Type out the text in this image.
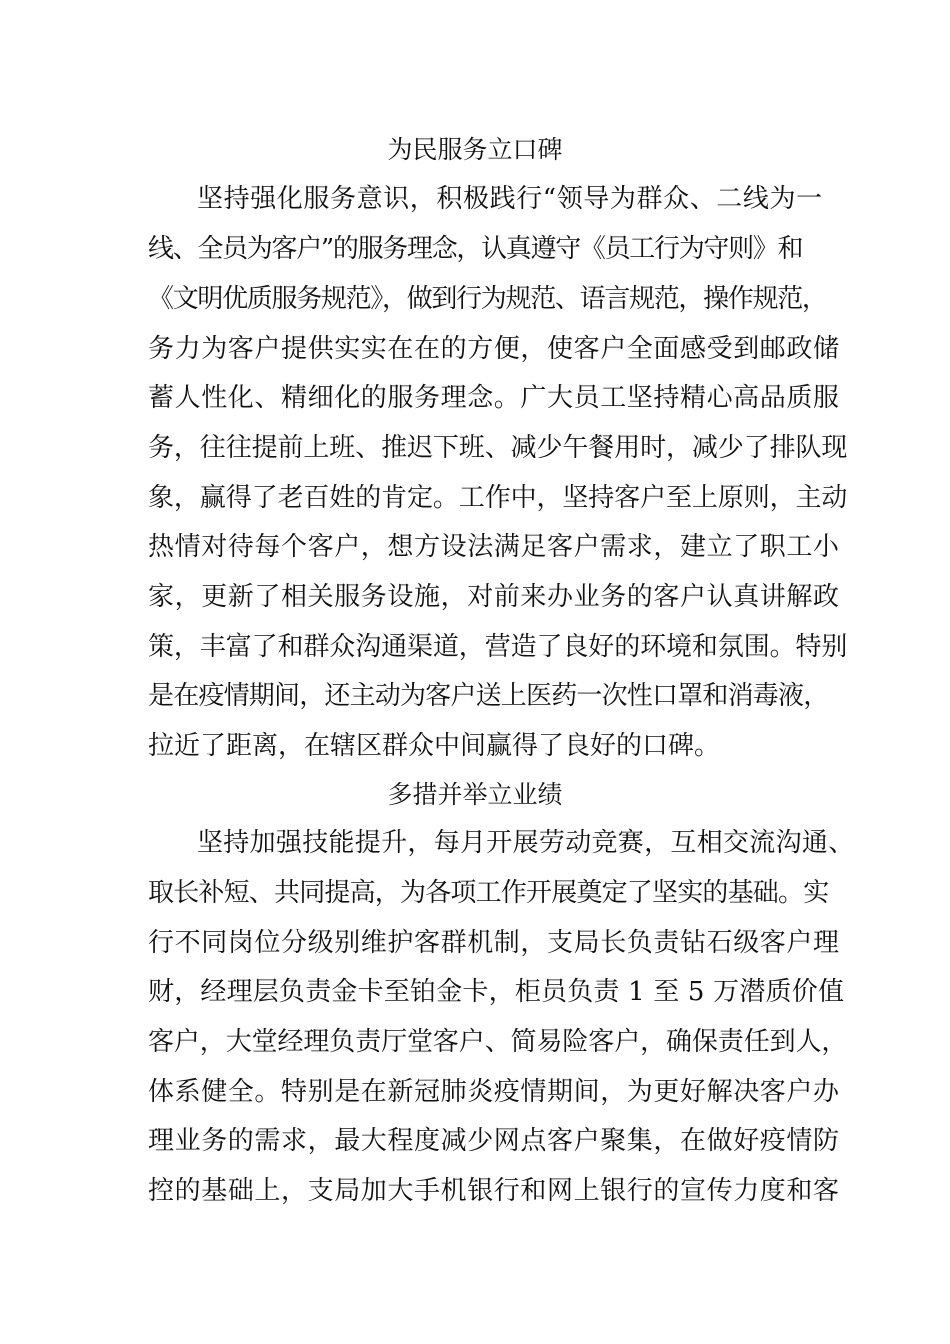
为民服务立口碑
坚持强化服务意识，积极践行“领导为群众、二线为一
线、全员为客户”的服务理念，认真遵守《员工行为守则》和
《文明优质服务规范》，做到行为规范、语言规范，操作规范，
务力为客户提供实实在在的方便，使客户全面感受到邮政储
蓄人性化、精细化的服务理念。广大员工坚持精心高品质服
务，往往提前上班、推迟下班、减少午餐用时，减少了排队现
象，赢得了老百姓的肯定。工作中，坚持客户至上原则，主动
热情对待每个客户，想方设法满足客户需求，建立了职工小
家，更新了相关服务设施，对前来办业务的客户认真讲解政
策，丰富了和群众沟通渠道，营造了良好的环境和氛围。特别
是在疫情期间，还主动为客户送上医药一次性口罩和消毒液，
拉近了距离，在辖区群众中间赢得了良好的口碑。
多措并举立业绩
坚持加强技能提升，每月开展劳动竞赛，互相交流沟通、
取长补短、共同提高，为各项工作开展奠定了坚实的基础。实
行不同岗位分级别维护客群机制，支局长负责钻石级客户理
财，经理层负责金卡至铂金卡，柜员负责 1 至 5 万潜质价值
客户，大堂经理负责厅堂客户、简易险客户，确保责任到人，
体系健全。特别是在新冠肺炎疫情期间，为更好解决客户办
理业务的需求，最大程度减少网点客户聚集，在做好疫情防
控的基础上，支局加大手机银行和网上银行的宣传力度和客
